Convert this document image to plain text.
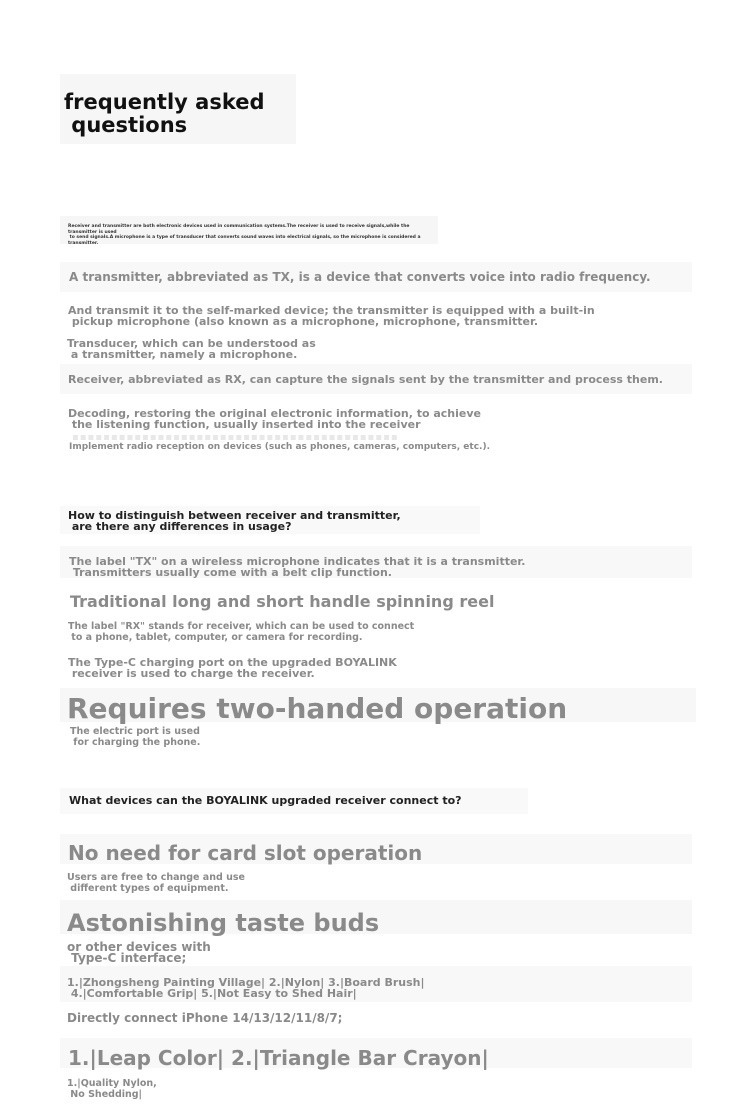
frequently asked
questions
Receiver and transmitter are both electronic devices used in communication systems.The receiver is used to receive signals,while the transmitter is used
to send signals.A microphone is a type of transducer that converts sound waves into electrical signals, so the microphone is considered a transmitter.
A transmitter, abbreviated as TX, is a device that converts voice into radio frequency.
And transmit it to the self-marked device; the transmitter is equipped with a built-in
pickup microphone (also known as a microphone, microphone, transmitter.
Transducer, which can be understood as
a transmitter, namely a microphone.
Receiver, abbreviated as RX, can capture the signals sent by the transmitter and process them.
Decoding, restoring the original electronic information, to achieve
the listening function, usually inserted into the receiver
▪▪▪▪▪▪▪▪▪▪▪▪▪▪▪▪▪▪▪▪▪▪▪▪▪▪▪▪▪▪▪▪▪▪▪▪▪▪▪▪▪▪
Implement radio reception on devices (such as phones, cameras, computers, etc.).
How to distinguish between receiver and transmitter,
are there any differences in usage?
The label "TX" on a wireless microphone indicates that it is a transmitter.
Transmitters usually come with a belt clip function.
Traditional long and short handle spinning reel
The label "RX" stands for receiver, which can be used to connect
to a phone, tablet, computer, or camera for recording.
The Type-C charging port on the upgraded BOYALINK
receiver is used to charge the receiver.
Requires two-handed operation
The electric port is used
for charging the phone.
What devices can the BOYALINK upgraded receiver connect to?
No need for card slot operation
Users are free to change and use
different types of equipment.
Astonishing taste buds
or other devices with
Type-C interface;
1.|Zhongsheng Painting Village| 2.|Nylon| 3.|Board Brush|
4.|Comfortable Grip| 5.|Not Easy to Shed Hair|
Directly connect iPhone 14/13/12/11/8/7;
1.|Leap Color| 2.|Triangle Bar Crayon|
1.|Quality Nylon,
No Shedding|
